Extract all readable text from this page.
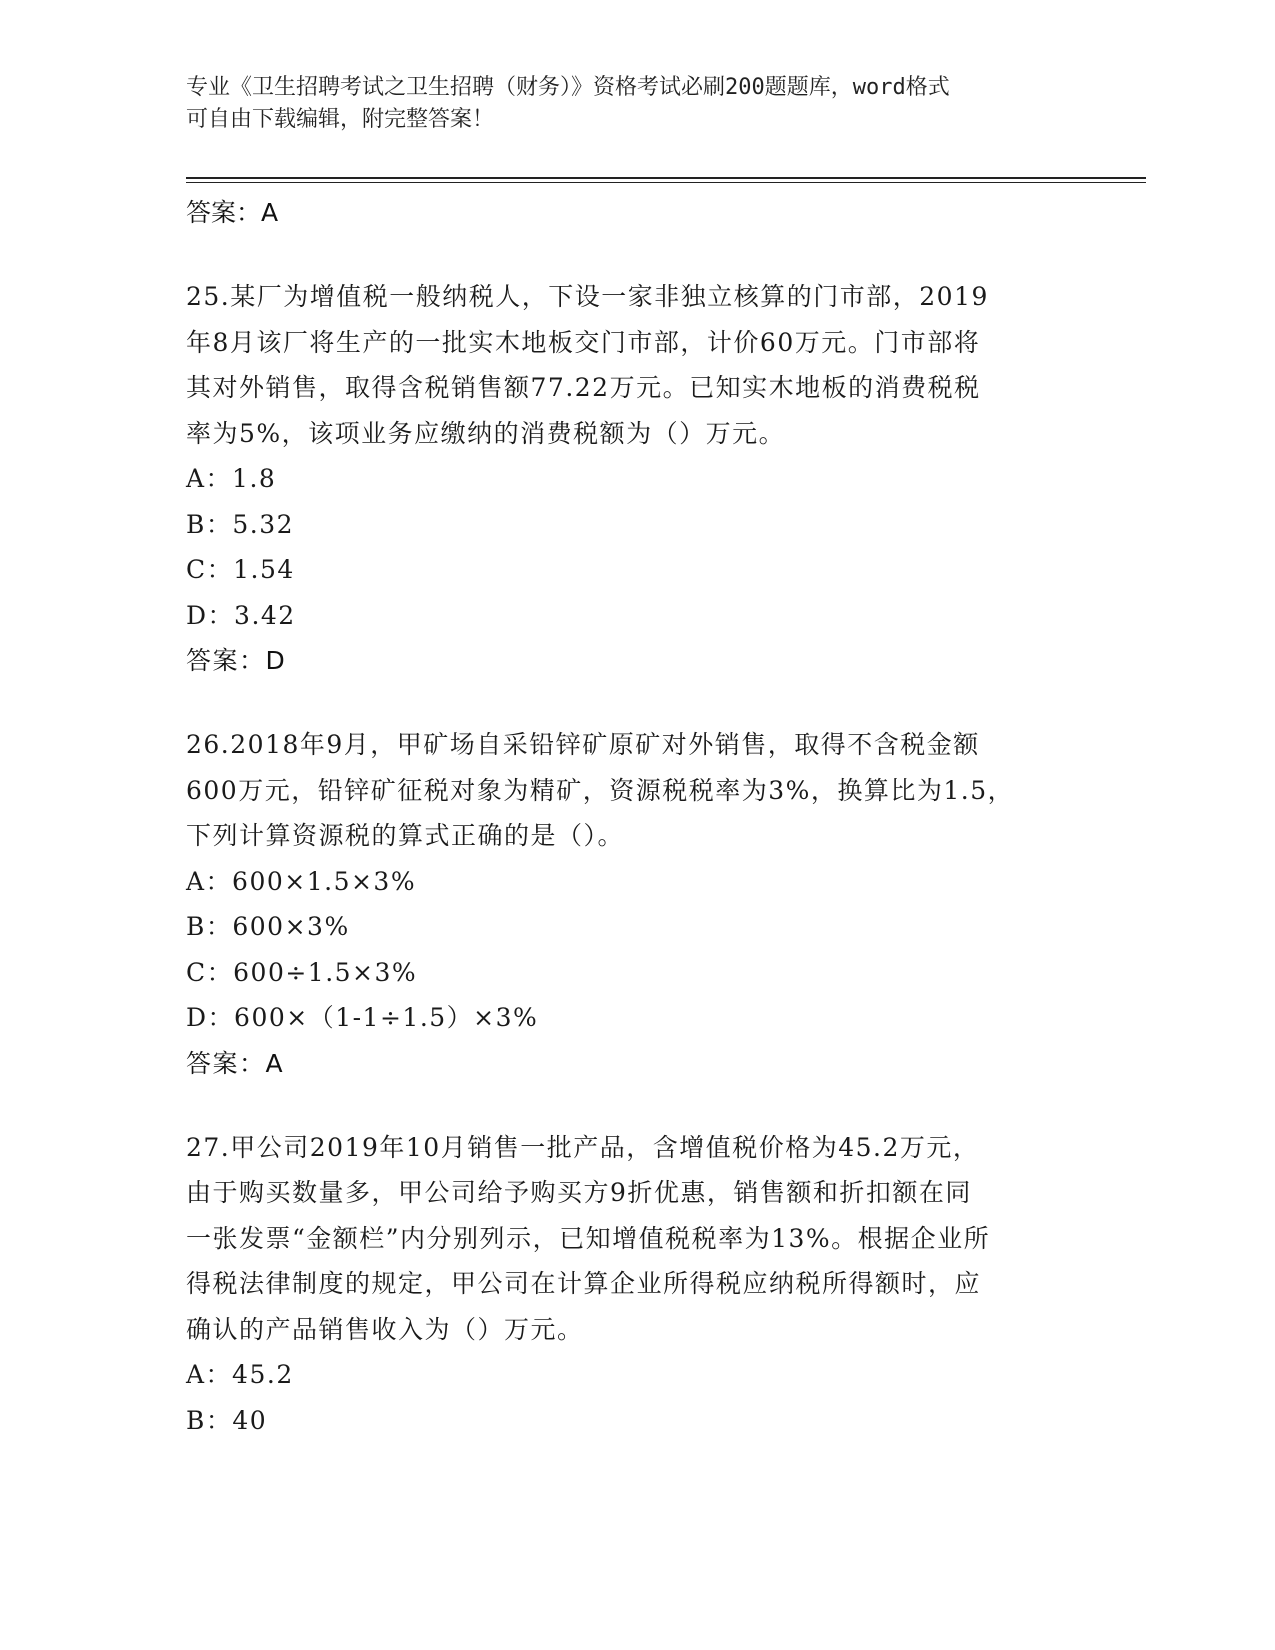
专业《卫生招聘考试之卫生招聘（财务）》资格考试必刷200题题库，word格式
可自由下载编辑，附完整答案！
答案：A
25.某厂为增值税一般纳税人，下设一家非独立核算的门市部，2019
年8月该厂将生产的一批实木地板交门市部，计价60万元。门市部将
其对外销售，取得含税销售额77.22万元。已知实木地板的消费税税
率为5%，该项业务应缴纳的消费税额为（）万元。
A：1.8
B：5.32
C：1.54
D：3.42
答案：D
26.2018年9月，甲矿场自采铅锌矿原矿对外销售，取得不含税金额
600万元，铅锌矿征税对象为精矿，资源税税率为3%，换算比为1.5，
下列计算资源税的算式正确的是（）。
A：600×1.5×3%
B：600×3%
C：600÷1.5×3%
D：600×（1-1÷1.5）×3%
答案：A
27.甲公司2019年10月销售一批产品，含增值税价格为45.2万元，
由于购买数量多，甲公司给予购买方9折优惠，销售额和折扣额在同
一张发票“金额栏”内分别列示，已知增值税税率为13%。根据企业所
得税法律制度的规定，甲公司在计算企业所得税应纳税所得额时，应
确认的产品销售收入为（）万元。
A：45.2
B：40
